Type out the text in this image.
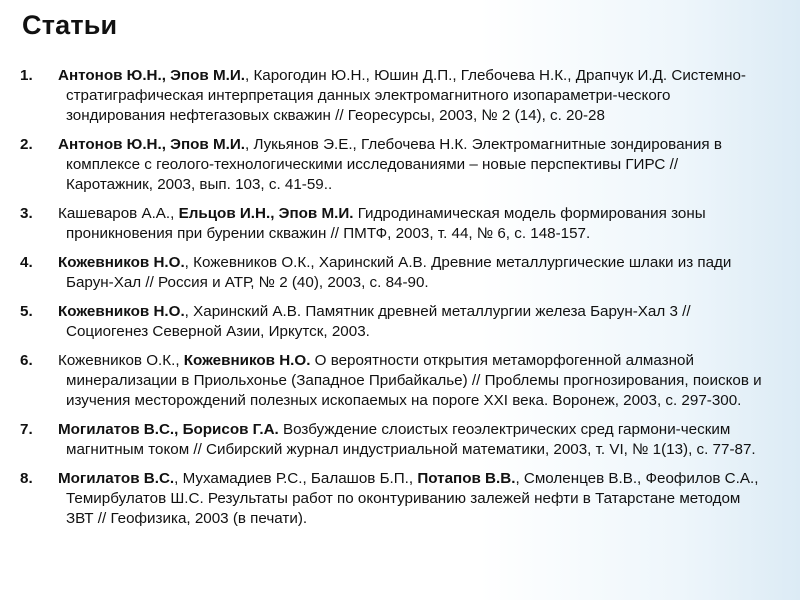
Статьи
1. Антонов Ю.Н., Эпов М.И., Карогодин Ю.Н., Юшин Д.П., Глебочева Н.К., Драпчук И.Д. Системно-стратиграфическая интерпретация данных электромагнитного изопараметри-ческого зондирования нефтегазовых скважин // Георесурсы, 2003, № 2 (14), с. 20-28
2. Антонов Ю.Н., Эпов М.И., Лукьянов Э.Е., Глебочева Н.К. Электромагнитные зондирования в комплексе с геолого-технологическими исследованиями – новые перспективы ГИРС // Каротажник, 2003, вып. 103, с. 41-59..
3. Кашеваров А.А., Ельцов И.Н., Эпов М.И. Гидродинамическая модель формирования зоны проникновения при бурении скважин // ПМТФ, 2003, т. 44, № 6, с. 148-157.
4. Кожевников Н.О., Кожевников О.К., Харинский А.В. Древние металлургические шлаки из пади Барун-Хал // Россия и АТР, № 2 (40), 2003, с. 84-90.
5. Кожевников Н.О., Харинский А.В. Памятник древней металлургии железа Барун-Хал 3 // Социогенез Северной Азии, Иркутск, 2003.
6. Кожевников О.К., Кожевников Н.О. О вероятности открытия метаморфогенной алмазной минерализации в Приольхонье (Западное Прибайкалье) // Проблемы прогнозирования, поисков и изучения месторождений полезных ископаемых на пороге XXI века. Воронеж, 2003, с. 297-300.
7. Могилатов В.С., Борисов Г.А. Возбуждение слоистых геоэлектрических сред гармони-ческим магнитным током // Сибирский журнал индустриальной математики, 2003, т. VI, № 1(13), с. 77-87.
8. Могилатов В.С., Мухамадиев Р.С., Балашов Б.П., Потапов В.В., Смоленцев В.В., Феофилов С.А., Темирбулатов Ш.С. Результаты работ по оконтуриванию залежей нефти в Татарстане методом ЗВТ // Геофизика, 2003 (в печати).
